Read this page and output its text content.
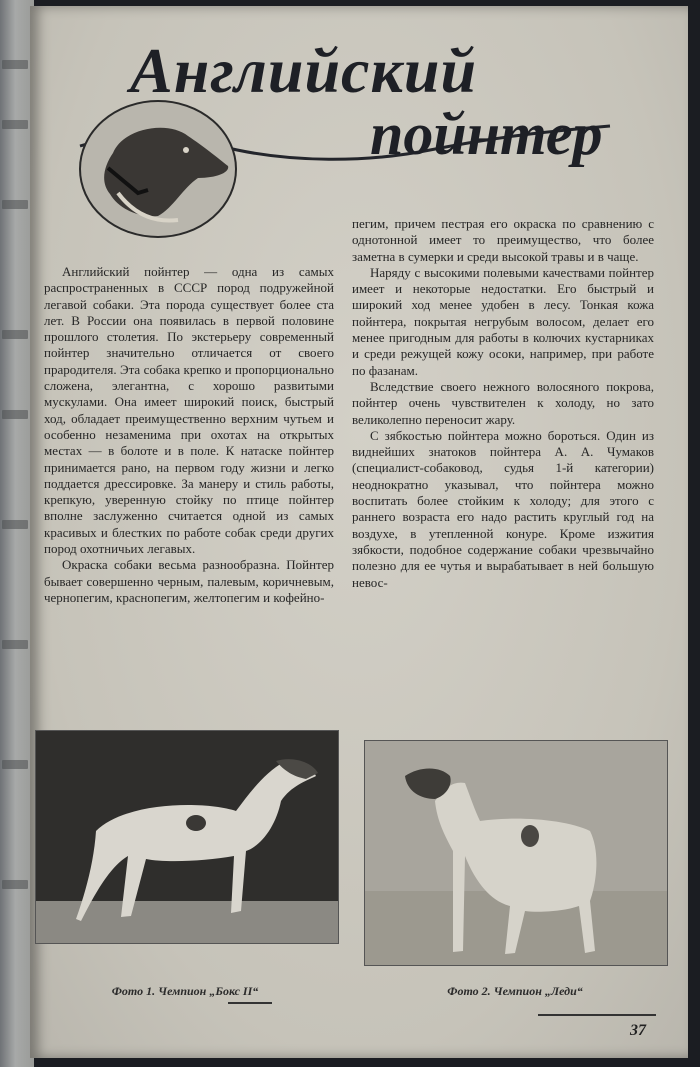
Английский
пойнтер

Английский пойнтер — одна из самых распространенных в СССР пород подружейной легавой собаки. Эта порода существует более ста лет. В России она появилась в первой половине прошлого столетия. По экстерьеру современный пойнтер значительно отличается от своего прародителя. Эта собака крепко и пропорционально сложена, элегантна, с хорошо развитыми мускулами. Она имеет широкий поиск, быстрый ход, обладает преимущественно верхним чутьем и особенно незаменима при охотах на открытых местах — в болоте и в поле. К натаске пойнтер принимается рано, на первом году жизни и легко поддается дрессировке. За манеру и стиль работы, крепкую, уверенную стойку по птице пойнтер вполне заслуженно считается одной из самых красивых и блестких по работе собак среди других пород охотничьих легавых.

Окраска собаки весьма разнообразна. Пойнтер бывает совершенно черным, палевым, коричневым, чернопегим, краснопегим, желтопегим и кофейно-

пегим, причем пестрая его окраска по сравнению с однотонной имеет то преимущество, что более заметна в сумерки и среди высокой травы и в чаще.

Наряду с высокими полевыми качествами пойнтер имеет и некоторые недостатки. Его быстрый и широкий ход менее удобен в лесу. Тонкая кожа пойнтера, покрытая негрубым волосом, делает его менее пригодным для работы в колючих кустарниках и среди режущей кожу осоки, например, при работе по фазанам.

Вследствие своего нежного волосяного покрова, пойнтер очень чувствителен к холоду, но зато великолепно переносит жару.

С зябкостью пойнтера можно бороться. Один из виднейших знатоков пойнтера А. А. Чумаков (специалист-собаковод, судья 1-й категории) неоднократно указывал, что пойнтера можно воспитать более стойким к холоду; для этого с раннего возраста его надо растить круглый год на воздухе, в утепленной конуре. Кроме изжития зябкости, подобное содержание собаки чрезвычайно полезно для ее чутья и вырабатывает в ней большую невос-

Фото 1. Чемпион „Бокс II“	Фото 2. Чемпион „Леди“
37
